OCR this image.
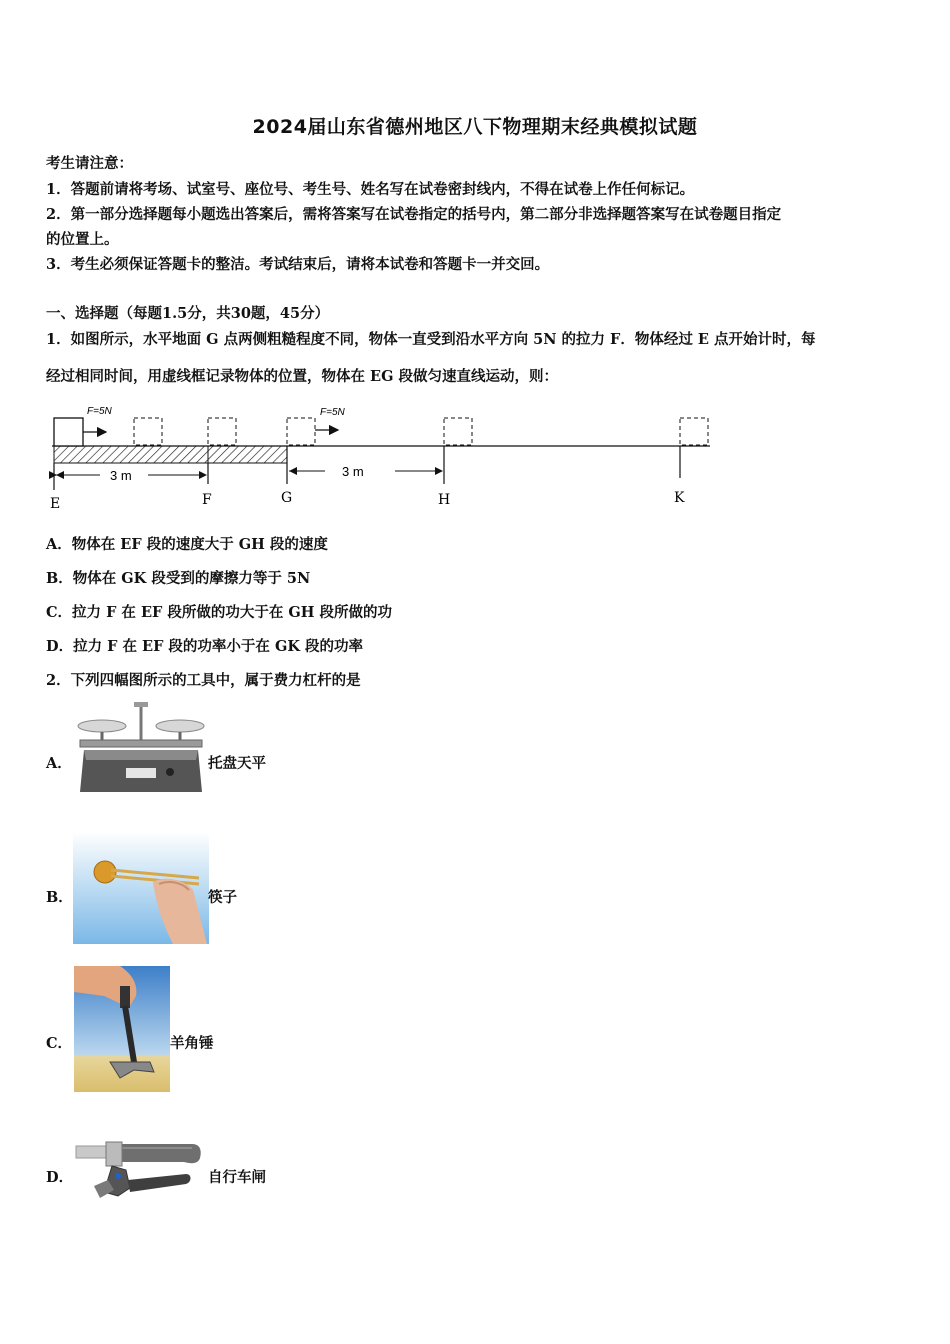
2024届山东省德州地区八下物理期末经典模拟试题
考生请注意：
1．答题前请将考场、试室号、座位号、考生号、姓名写在试卷密封线内，不得在试卷上作任何标记。
2．第一部分选择题每小题选出答案后，需将答案写在试卷指定的括号内，第二部分非选择题答案写在试卷题目指定
的位置上。
3．考生必须保证答题卡的整洁。考试结束后，请将本试卷和答题卡一并交回。
一、选择题（每题1.5分，共30题，45分）
1．如图所示，水平地面 G 点两侧粗糙程度不同，物体一直受到沿水平方向 5N 的拉力 F．物体经过 E 点开始计时，每
经过相同时间，用虚线框记录物体的位置，物体在 EG 段做匀速直线运动，则：
F=5N	F=5N
3 m	3 m
E	F	G	H	K
A．物体在 EF 段的速度大于 GH 段的速度
B．物体在 GK 段受到的摩擦力等于 5N
C．拉力 F 在 EF 段所做的功大于在 GH 段所做的功
D．拉力 F 在 EF 段的功率小于在 GK 段的功率
2．下列四幅图所示的工具中，属于费力杠杆的是
A．	托盘天平
B．	筷子
C．	羊角锤
D．	自行车闸
